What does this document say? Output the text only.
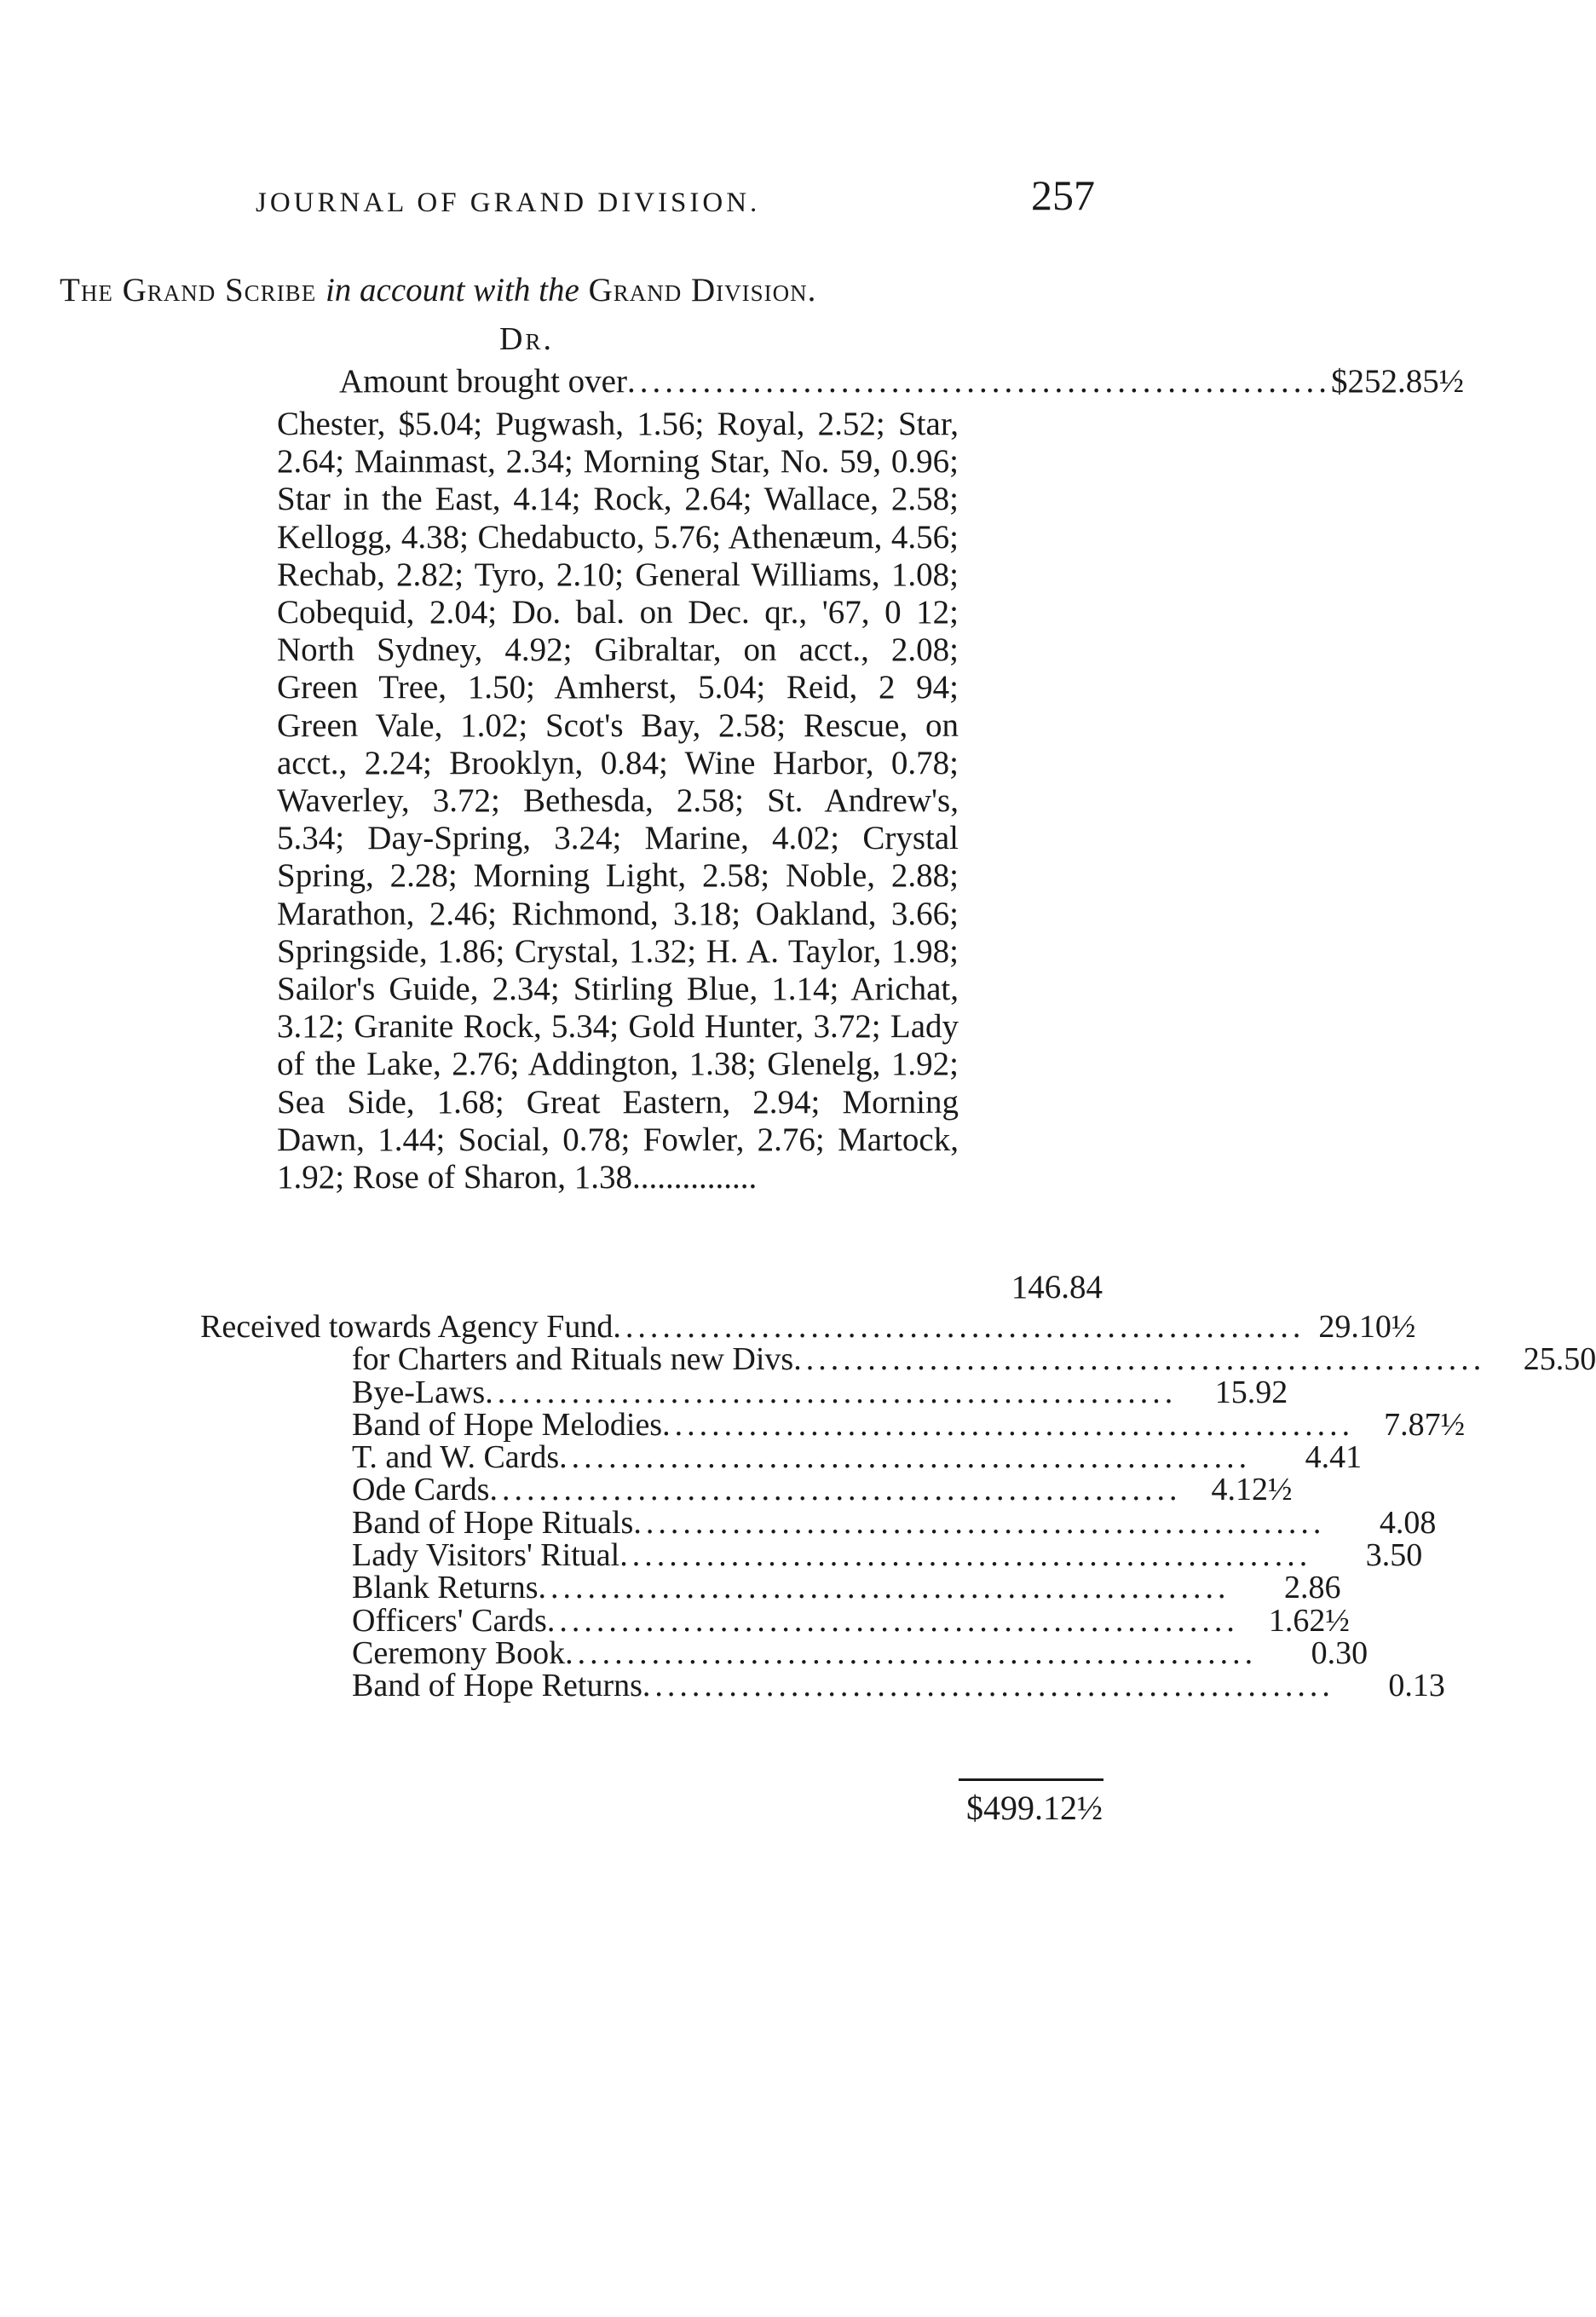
JOURNAL OF GRAND DIVISION.	257
The Grand Scribe in account with the Grand Division.
Dr.
Amount brought over ........................................................ $252.85½
Chester, $5.04; Pugwash, 1.56; Royal, 2.52; Star, 2.64; Mainmast, 2.34; Morning Star, No. 59, 0.96; Star in the East, 4.14; Rock, 2.64; Wallace, 2.58; Kellogg, 4.38; Chedabucto, 5.76; Athenæum, 4.56; Rechab, 2.82; Tyro, 2.10; General Williams, 1.08; Cobequid, 2.04; Do. bal. on Dec. qr., '67, 0 12; North Sydney, 4.92; Gibraltar, on acct., 2.08; Green Tree, 1.50; Amherst, 5.04; Reid, 2 94; Green Vale, 1.02; Scot's Bay, 2.58; Rescue, on acct., 2.24; Brooklyn, 0.84; Wine Harbor, 0.78; Waverley, 3.72; Bethesda, 2.58; St. Andrew's, 5.34; Day-Spring, 3.24; Marine, 4.02; Crystal Spring, 2.28; Morning Light, 2.58; Noble, 2.88; Marathon, 2.46; Richmond, 3.18; Oakland, 3.66; Springside, 1.86; Crystal, 1.32; H. A. Taylor, 1.98; Sailor's Guide, 2.34; Stirling Blue, 1.14; Arichat, 3.12; Granite Rock, 5.34; Gold Hunter, 3.72; Lady of the Lake, 2.76; Addington, 1.38; Glenelg, 1.92; Sea Side, 1.68; Great Eastern, 2.94; Morning Dawn, 1.44; Social, 0.78; Fowler, 2.76; Martock, 1.92; Rose of Sharon, 1.38...............
146.84
Received towards Agency Fund ........................................................ 29.10½
for Charters and Rituals new Divs ........................................................	25.50
Bye-Laws ........................................................	15.92
Band of Hope Melodies ........................................................ 7.87½
T. and W. Cards ........................................................	4.41
Ode Cards ........................................................ 4.12½
Band of Hope Rituals ........................................................	4.08
Lady Visitors' Ritual ........................................................	3.50
Blank Returns ........................................................	2.86
Officers' Cards ........................................................ 1.62½
Ceremony Book ........................................................	0.30
Band of Hope Returns ........................................................	0.13
$499.12½
